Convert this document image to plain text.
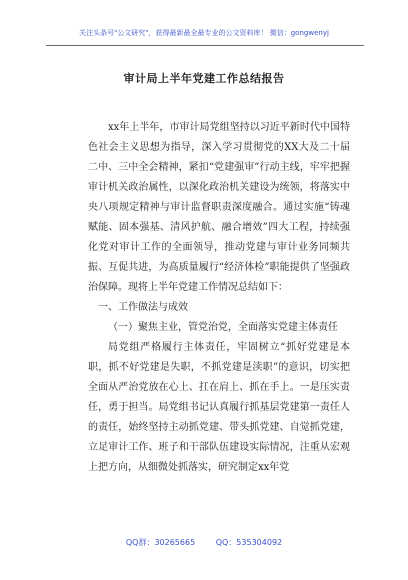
关注头条号"公文研究"，获得最新最全最专业的公文资料库！ 微信：gongwenyj
审计局上半年党建工作总结报告

xx年上半年，市审计局党组坚持以习近平新时代中国特色社会主义思想为指导，深入学习贯彻党的XX大及二十届二中、三中全会精神，紧扣“党建强审”行动主线，牢牢把握审计机关政治属性，以深化政治机关建设为统领，将落实中央八项规定精神与审计监督职责深度融合。通过实施“铸魂赋能、固本强基、清风护航、融合增效”四大工程，持续强化党对审计工作的全面领导，推动党建与审计业务同频共振、互促共进，为高质量履行“经济体检”职能提供了坚强政治保障。现将上半年党建工作情况总结如下：

一、工作做法与成效

（一）聚焦主业，管党治党，全面落实党建主体责任

局党组严格履行主体责任，牢固树立“抓好党建是本职，抓不好党建是失职，不抓党建是渎职”的意识，切实把全面从严治党放在心上、扛在肩上、抓在手上。一是压实责任，勇于担当。局党组书记认真履行抓基层党建第一责任人的责任，始终坚持主动抓党建、带头抓党建、自觉抓党建，立足审计工作、班子和干部队伍建设实际情况，注重从宏观上把方向，从细微处抓落实，研究制定xx年党

QQ群：30265665	QQ：535304092
